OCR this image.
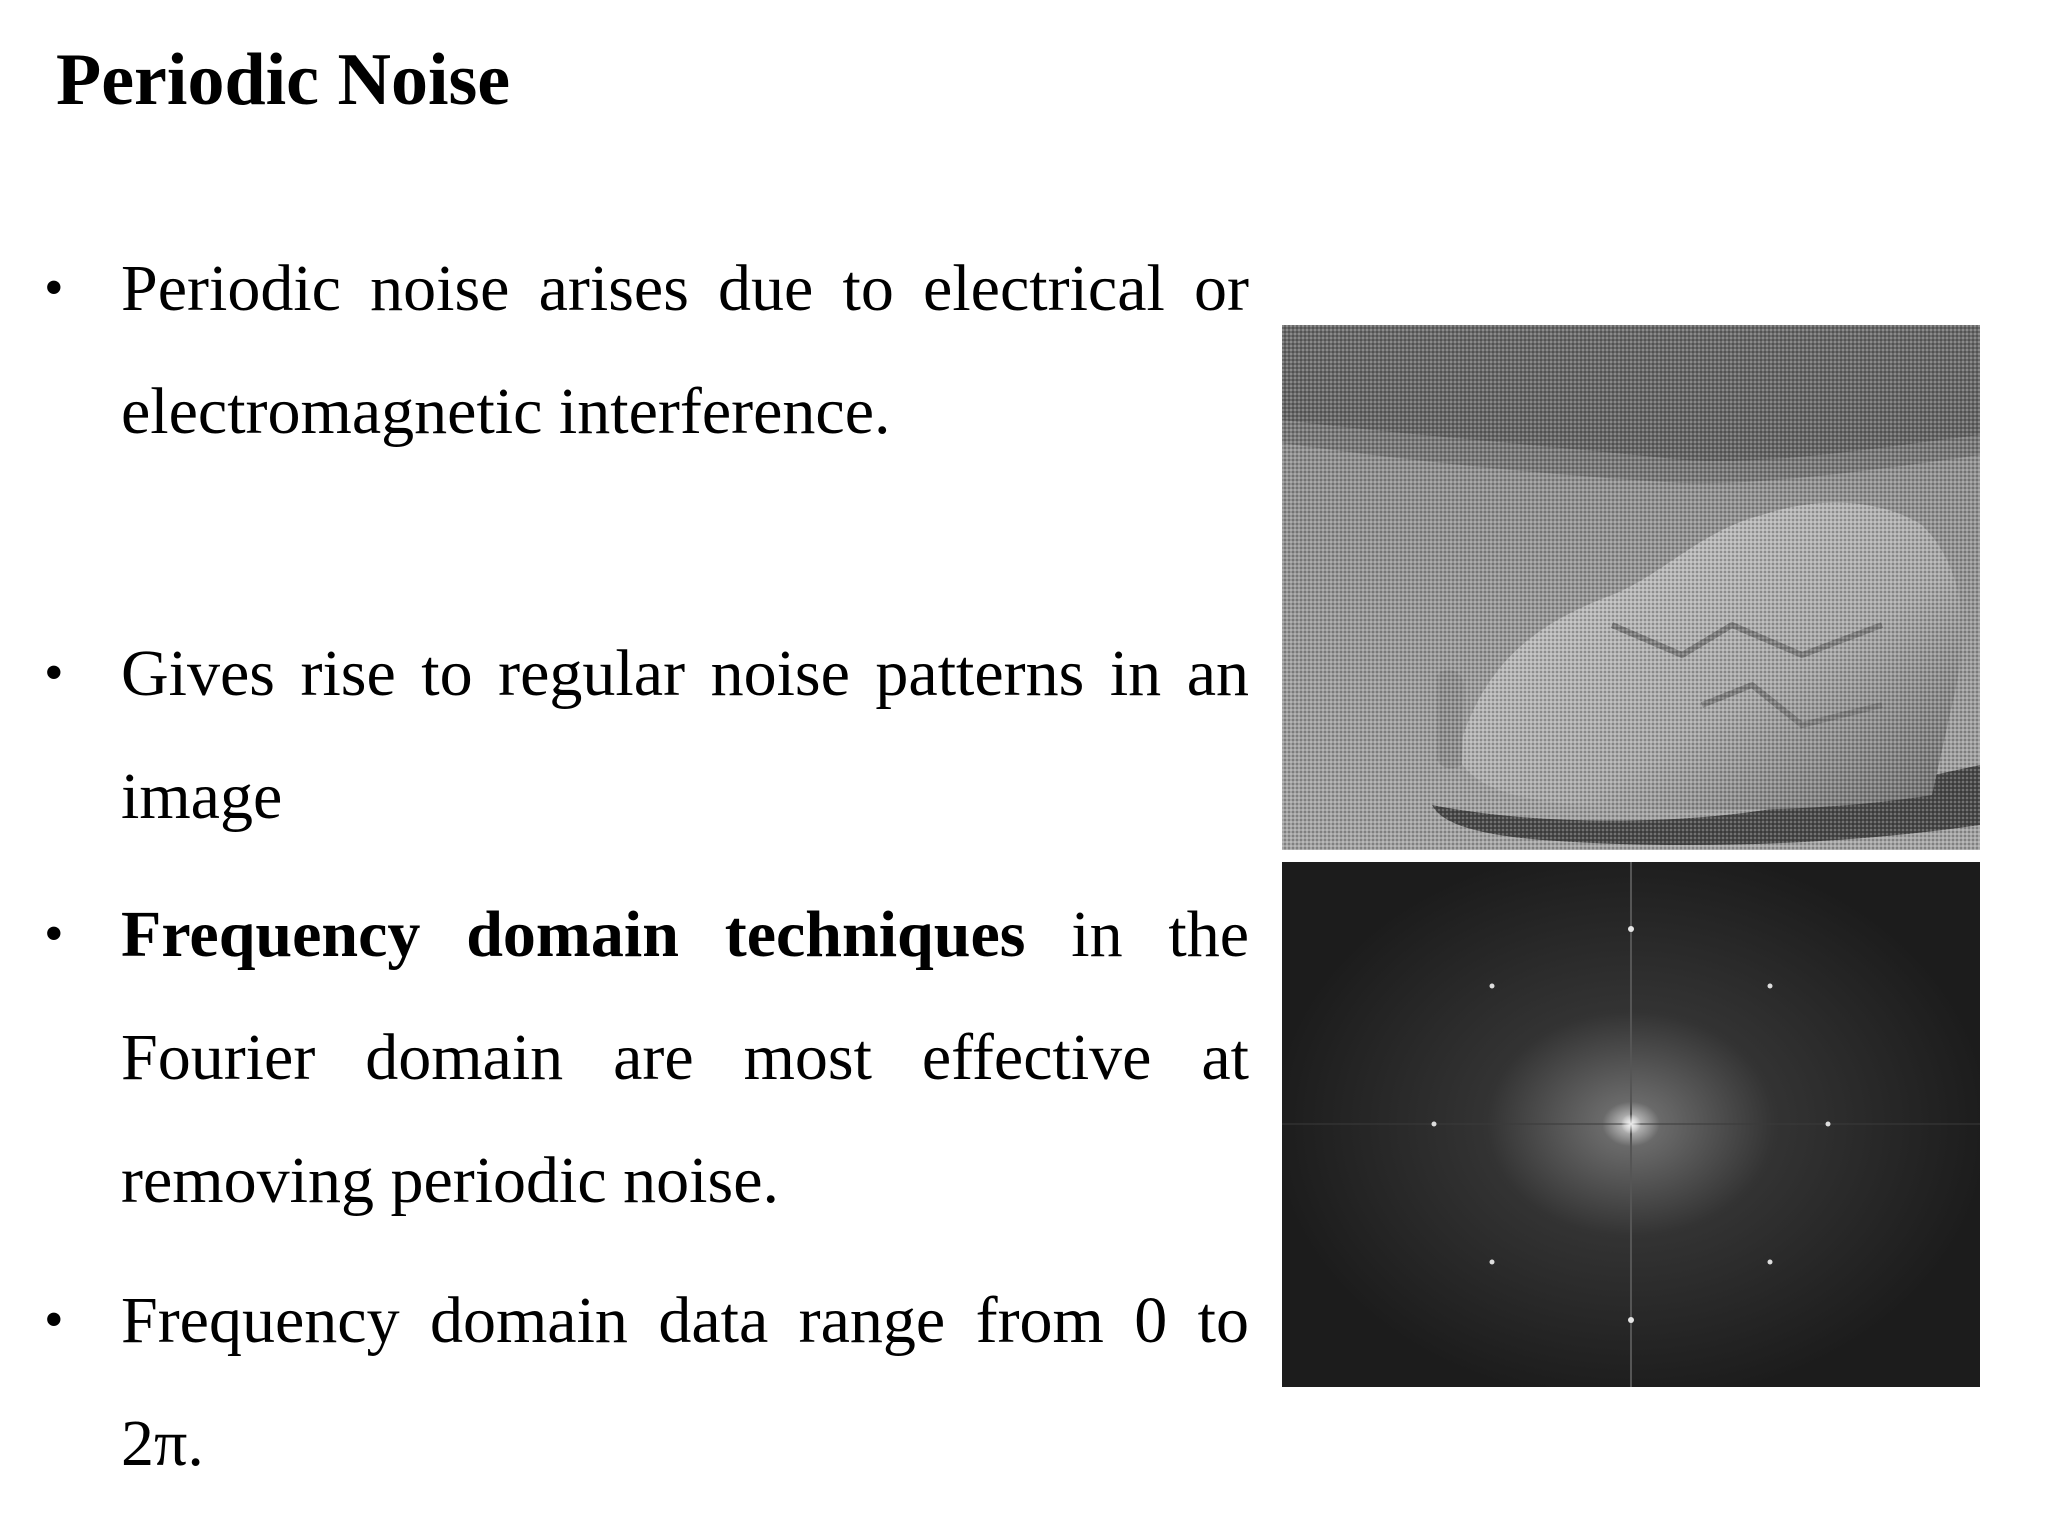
Periodic Noise
• Periodic noise arises due to electrical or electromagnetic interference.
• Gives rise to regular noise patterns in an image
• Frequency domain techniques in the Fourier domain are most effective at removing periodic noise.
• Frequency domain data range from 0 to 2π.
